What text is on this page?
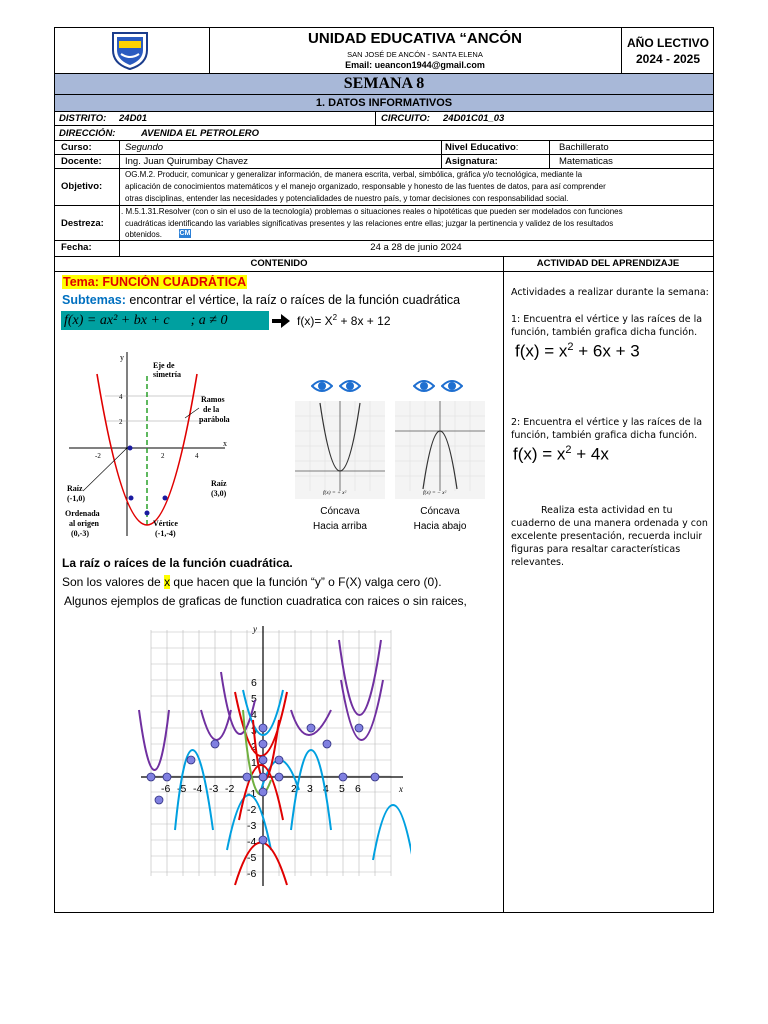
UNIDAD EDUCATIVA “ANCÓN
SAN JOSÉ DE ANCÓN - SANTA ELENA
Email: ueancon1944@gmail.com
AÑO LECTIVO
2024 - 2025
SEMANA 8
1. DATOS INFORMATIVOS
DISTRITO: 24D01	CIRCUITO: 24D01C01_03
DIRECCIÓN:	AVENIDA EL PETROLERO
Curso:	Segundo	Nivel Educativo:	Bachillerato
Docente: Ing. Juan Quirumbay Chavez	Asignatura:	Matematicas
Objetivo:
OG.M.2. Producir, comunicar y generalizar información, de manera escrita, verbal, simbólica, gráfica y/o tecnológica, mediante la
aplicación de conocimientos matemáticos y el manejo organizado, responsable y honesto de las fuentes de datos, para así comprender
otras disciplinas, entender las necesidades y potencialidades de nuestro país, y tomar decisiones con responsabilidad social.
Destreza:
. M.5.1.31.Resolver (con o sin el uso de la tecnología) problemas o situaciones reales o hipotéticas que pueden ser modelados con funciones
cuadráticas identificando las variables significativas presentes y las relaciones entre ellas; juzgar la pertinencia y validez de los resultados
obtenidos.	CM
Fecha:	24 a 28 de junio 2024
CONTENIDO	ACTIVIDAD DEL APRENDIZAJE
Tema: FUNCIÓN CUADRÁTICA
Subtemas: encontrar el vértice, la raíz o raíces de la función cuadrática
f(x) = ax² + bx + c      ; a ≠ 0	$f(x)= X^2 + 8x + 12$
y
x
Eje de
simetría
Ramos
de la
parábola
Raíz
(-1,0)
Raíz
(3,0)
Ordenada
al origen
(0,-3)
Vértice
(-1,-4)
4
2
-2	2	4
f(x) = + x²
Cóncava
Hacia arriba
f(x) = − x²
Cóncava
Hacia abajo
La raíz o raíces de la función cuadrática.
Son los valores de x que hacen que la función “y” o F(X) valga cero (0).
Algunos ejemplos de graficas de function cuadratica con raices o sin raices,
y
x
-6 -5 -4 -3 -2	2 3 4 5 6
6
5
4
3
2
1
-1
-2
-3
-4
-5
-6
Actividades a realizar durante la semana:
1: Encuentra el vértice y las raíces de la
función, también grafica dicha función.
$f(x) = x^2 + 6x + 3$
2: Encuentra el vértice y las raíces de la
función, también grafica dicha función.
$f(x) = x^2 + 4x$
Realiza esta actividad en tu
cuaderno de una manera ordenada y con
excelente presentación, recuerda incluir
figuras para resaltar características
relevantes.
